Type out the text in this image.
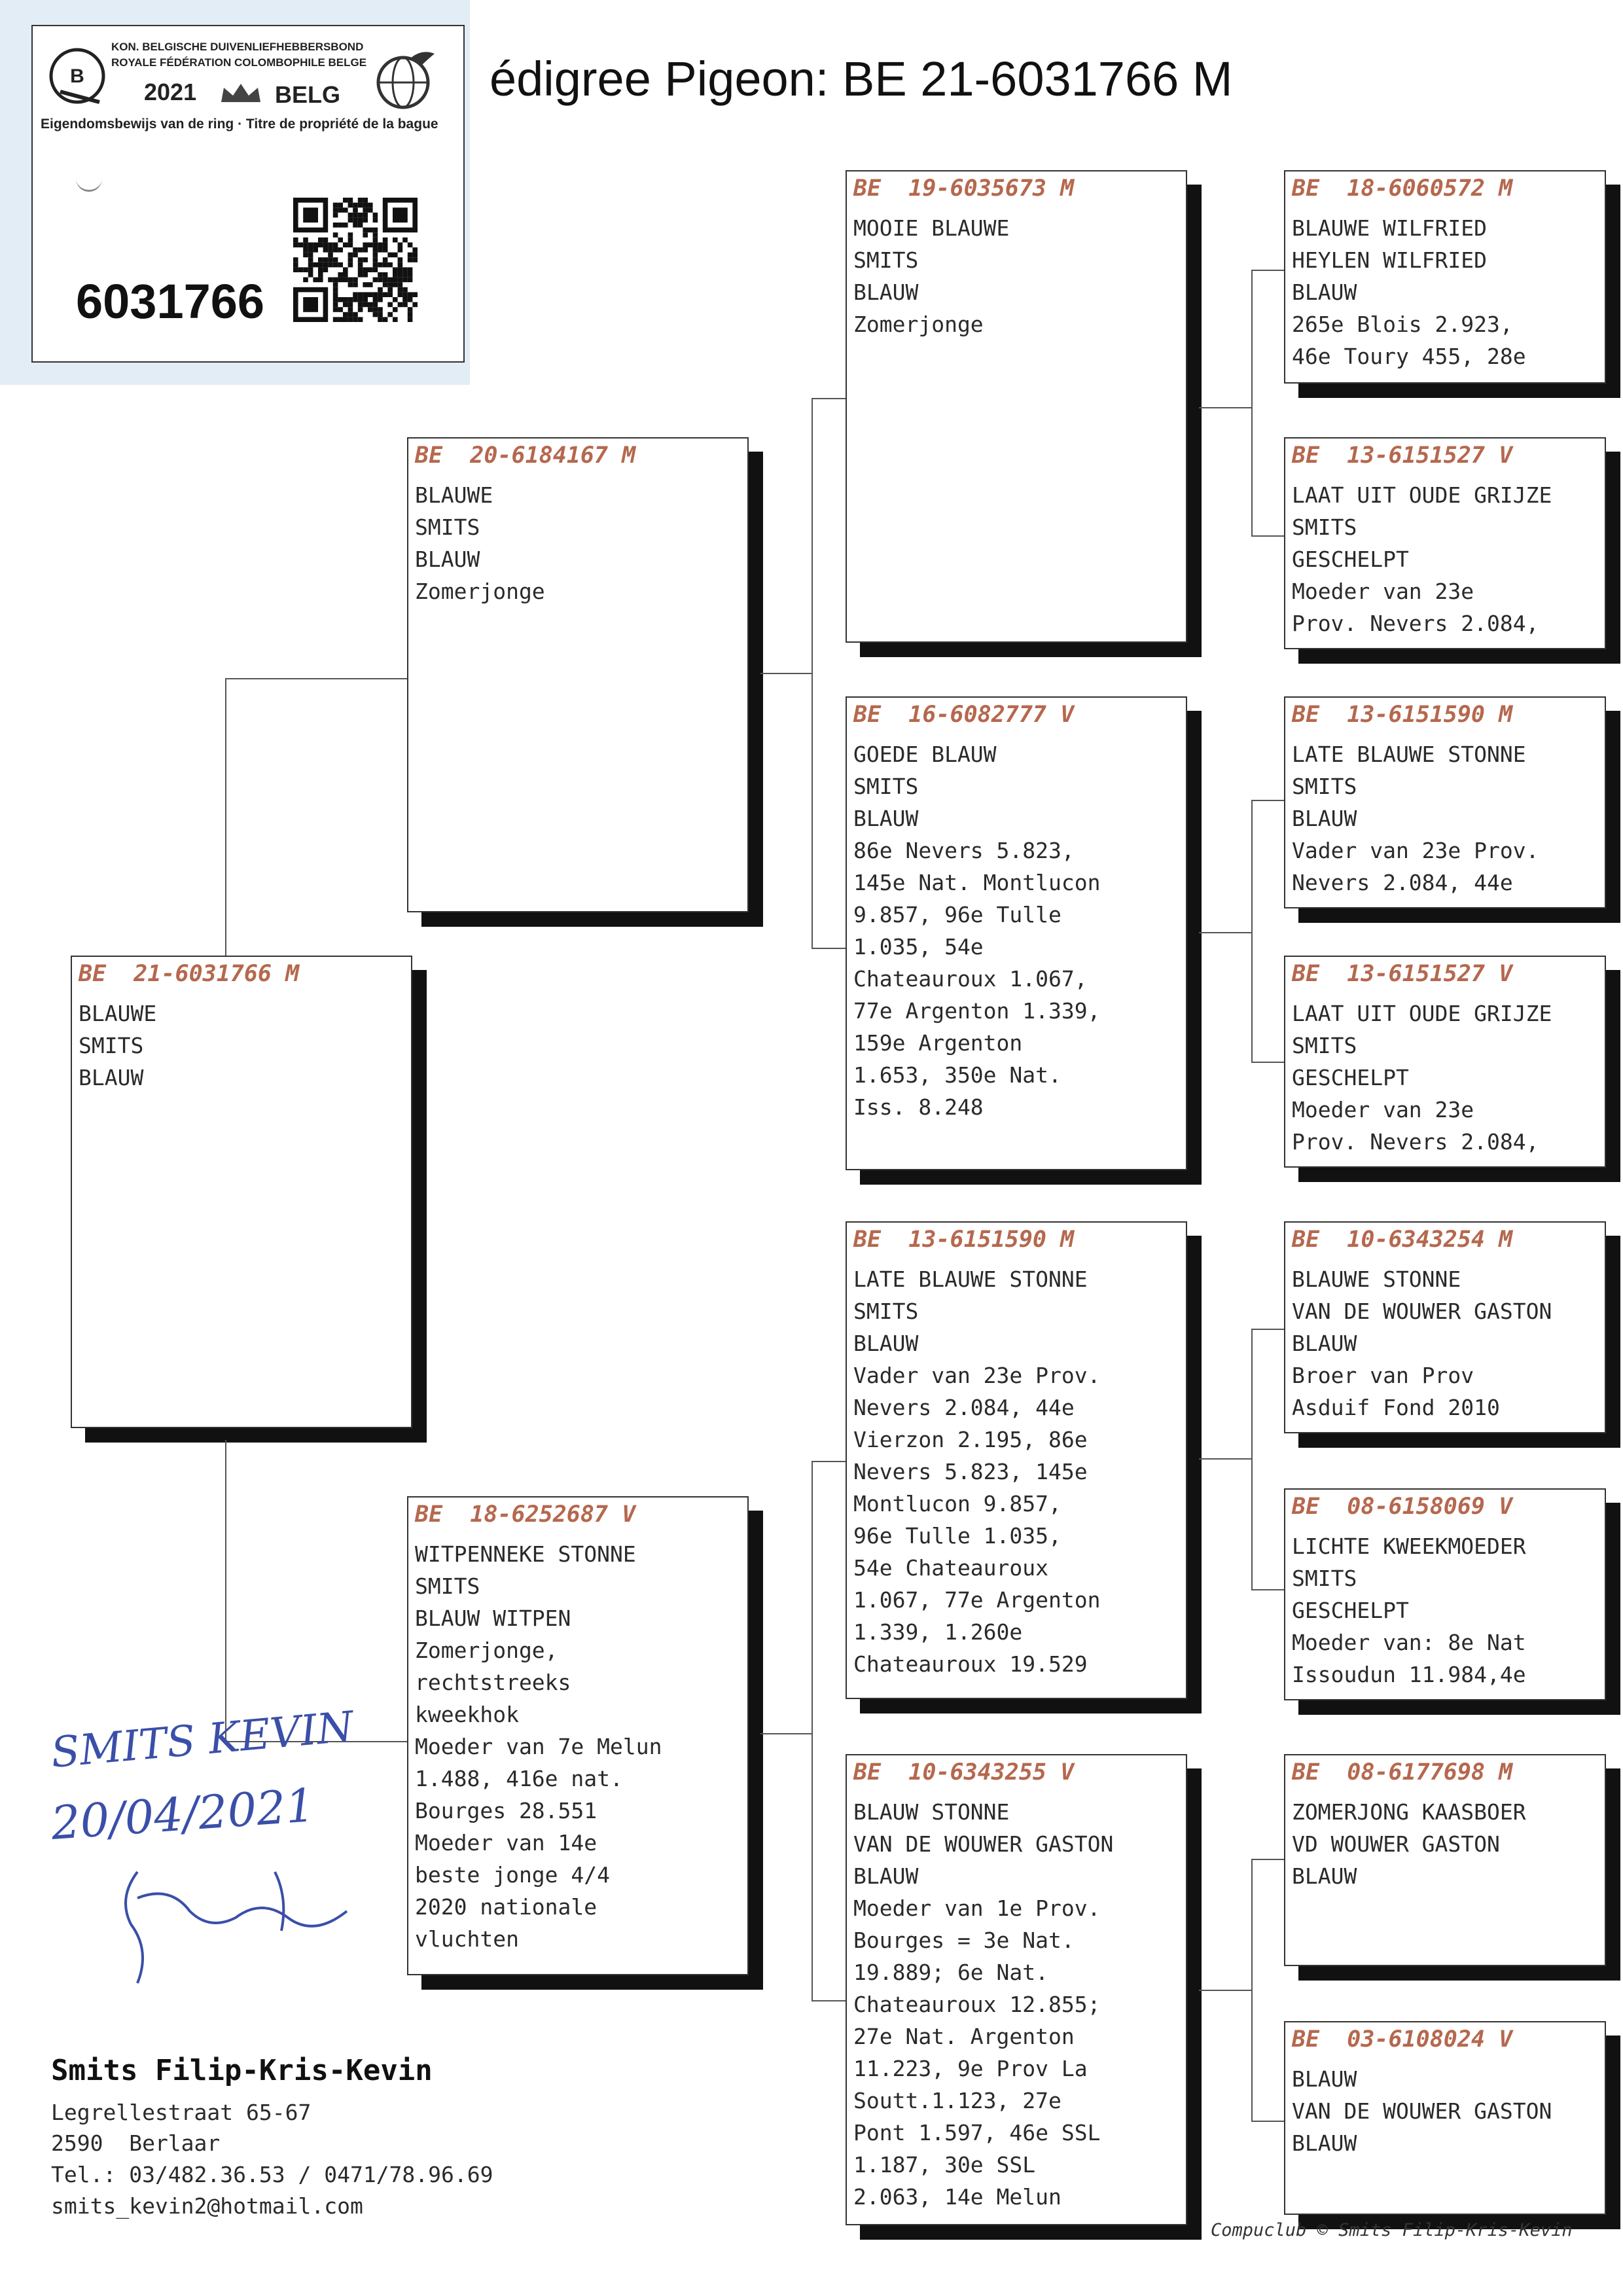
édigree Pigeon: BE 21-6031766 M
B
KON. BELGISCHE DUIVENLIEFHEBBERSBOND
ROYALE FÉDÉRATION COLOMBOPHILE BELGE
2021	BELG
Eigendomsbewijs van de ring · Titre de propriété de la bague
6031766
BE  21-6031766 M
BLAUWE
SMITS
BLAUW
BE  20-6184167 M
BLAUWE
SMITS
BLAUW
Zomerjonge
BE  18-6252687 V
WITPENNEKE STONNE
SMITS
BLAUW WITPEN
Zomerjonge,
rechtstreeks
kweekhok
Moeder van 7e Melun
1.488, 416e nat.
Bourges 28.551
Moeder van 14e
beste jonge 4/4
2020 nationale
vluchten
BE  19-6035673 M
MOOIE BLAUWE
SMITS
BLAUW
Zomerjonge
BE  16-6082777 V
GOEDE BLAUW
SMITS
BLAUW
86e Nevers 5.823,
145e Nat. Montlucon
9.857, 96e Tulle
1.035, 54e
Chateauroux 1.067,
77e Argenton 1.339,
159e Argenton
1.653, 350e Nat.
Iss. 8.248
BE  13-6151590 M
LATE BLAUWE STONNE
SMITS
BLAUW
Vader van 23e Prov.
Nevers 2.084, 44e
Vierzon 2.195, 86e
Nevers 5.823, 145e
Montlucon 9.857,
96e Tulle 1.035,
54e Chateauroux
1.067, 77e Argenton
1.339, 1.260e
Chateauroux 19.529
BE  10-6343255 V
BLAUW STONNE
VAN DE WOUWER GASTON
BLAUW
Moeder van 1e Prov.
Bourges = 3e Nat.
19.889; 6e Nat.
Chateauroux 12.855;
27e Nat. Argenton
11.223, 9e Prov La
Soutt.1.123, 27e
Pont 1.597, 46e SSL
1.187, 30e SSL
2.063, 14e Melun
BE  18-6060572 M
BLAUWE WILFRIED
HEYLEN WILFRIED
BLAUW
265e Blois 2.923,
46e Toury 455, 28e
BE  13-6151527 V
LAAT UIT OUDE GRIJZE
SMITS
GESCHELPT
Moeder van 23e
Prov. Nevers 2.084,
BE  13-6151590 M
LATE BLAUWE STONNE
SMITS
BLAUW
Vader van 23e Prov.
Nevers 2.084, 44e
BE  13-6151527 V
LAAT UIT OUDE GRIJZE
SMITS
GESCHELPT
Moeder van 23e
Prov. Nevers 2.084,
BE  10-6343254 M
BLAUWE STONNE
VAN DE WOUWER GASTON
BLAUW
Broer van Prov
Asduif Fond 2010
BE  08-6158069 V
LICHTE KWEEKMOEDER
SMITS
GESCHELPT
Moeder van: 8e Nat
Issoudun 11.984,4e
BE  08-6177698 M
ZOMERJONG KAASBOER
VD WOUWER GASTON
BLAUW
BE  03-6108024 V
BLAUW
VAN DE WOUWER GASTON
BLAUW
SMITS KEVIN
20/04/2021
Smits Filip-Kris-Kevin
Legrellestraat 65-67
2590  Berlaar
Tel.: 03/482.36.53 / 0471/78.96.69
smits_kevin2@hotmail.com
Compuclub © Smits Filip-Kris-Kevin
